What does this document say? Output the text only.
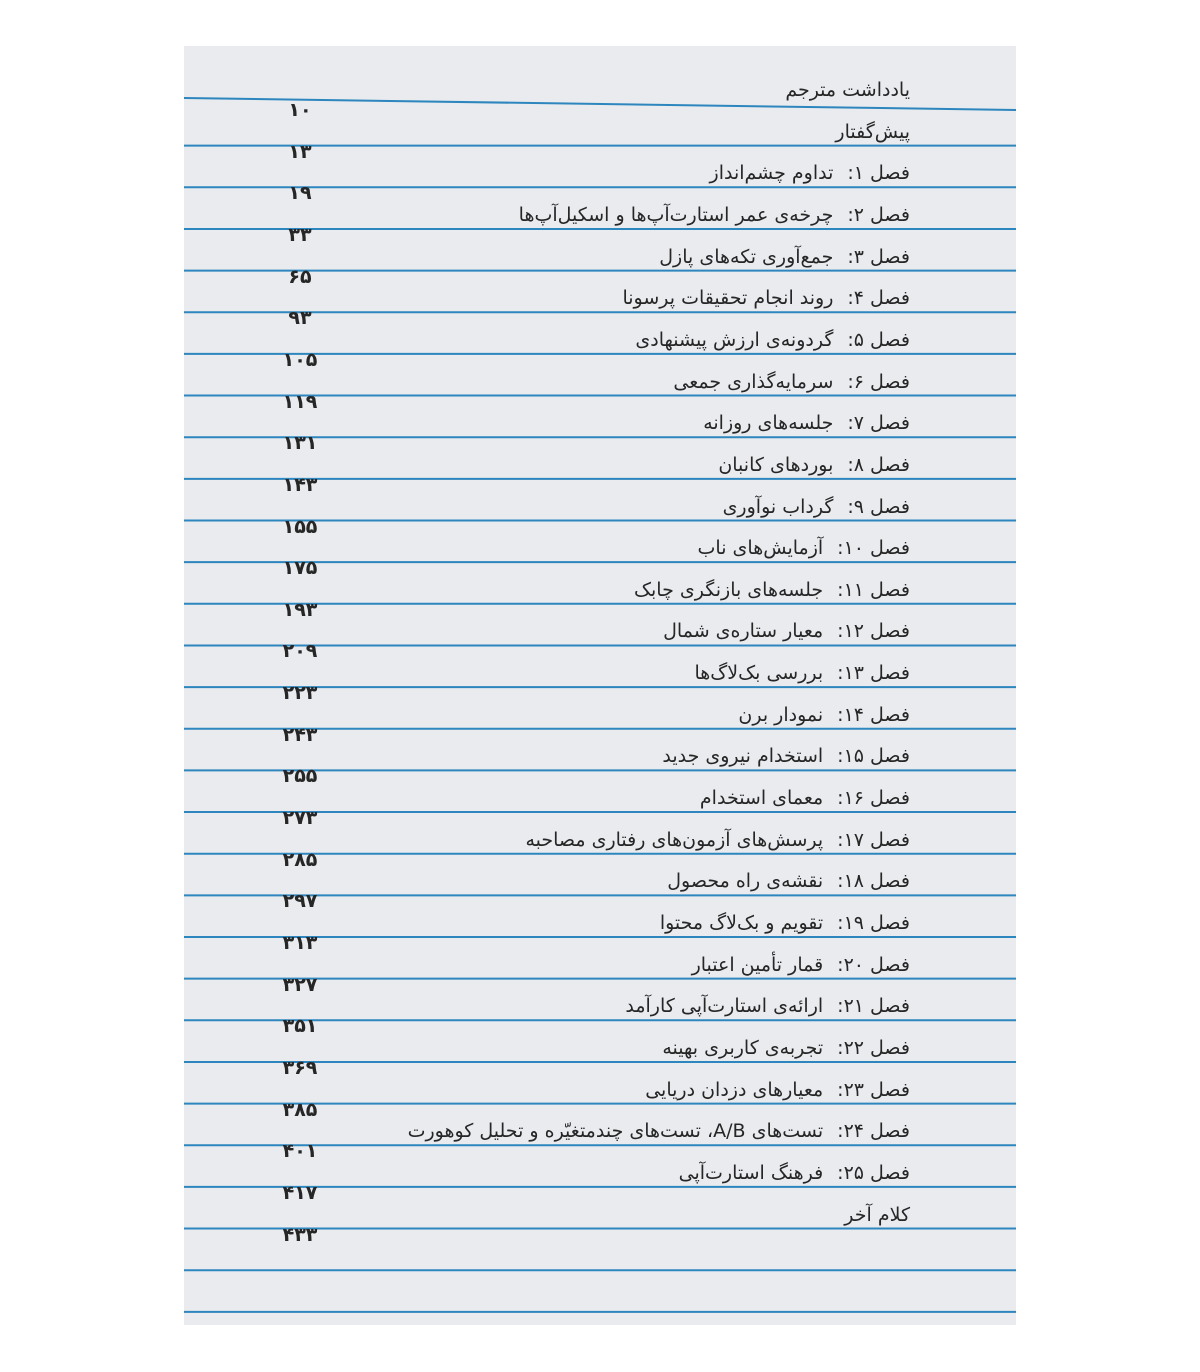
یادداشت مترجم
۱۰
پیش‌گفتار
۱۳
فصل ۱:تداوم چشم‌انداز
۱۹
فصل ۲:چرخه‌ی عمر استارت‌آپ‌ها و اسکیل‌آپ‌ها
۳۳
فصل ۳:جمع‌آوری تکه‌های پازل
۶۵
فصل ۴:روند انجام تحقیقات پرسونا
۹۳
فصل ۵:گردونه‌ی ارزش پیشنهادی
۱۰۵
فصل ۶:سرمایه‌گذاری جمعی
۱۱۹
فصل ۷:جلسه‌های روزانه
۱۳۱
فصل ۸:بوردهای کانبان
۱۴۳
فصل ۹:گرداب نوآوری
۱۵۵
فصل ۱۰:آزمایش‌های ناب
۱۷۵
فصل ۱۱:جلسه‌های بازنگری چابک
۱۹۳
فصل ۱۲:معیار ستاره‌ی شمال
۲۰۹
فصل ۱۳:بررسی بک‌لاگ‌ها
۲۲۳
فصل ۱۴:نمودار برن
۲۴۳
فصل ۱۵:استخدام نیروی جدید
۲۵۵
فصل ۱۶:معمای استخدام
۲۷۳
فصل ۱۷:پرسش‌های آزمون‌های رفتاری مصاحبه
۲۸۵
فصل ۱۸:نقشه‌ی راه محصول
۲۹۷
فصل ۱۹:تقویم و بک‌لاگ محتوا
۳۱۳
فصل ۲۰:قمار تأمین اعتبار
۳۲۷
فصل ۲۱:ارائه‌ی استارت‌آپی کارآمد
۳۵۱
فصل ۲۲:تجربه‌ی کاربری بهینه
۳۶۹
فصل ۲۳:معیارهای دزدان دریایی
۳۸۵
فصل ۲۴:تست‌های A/B، تست‌های چندمتغیّره و تحلیل کوهورت
۴۰۱
فصل ۲۵:فرهنگ استارت‌آپی
۴۱۷
کلام آخر
۴۳۳
